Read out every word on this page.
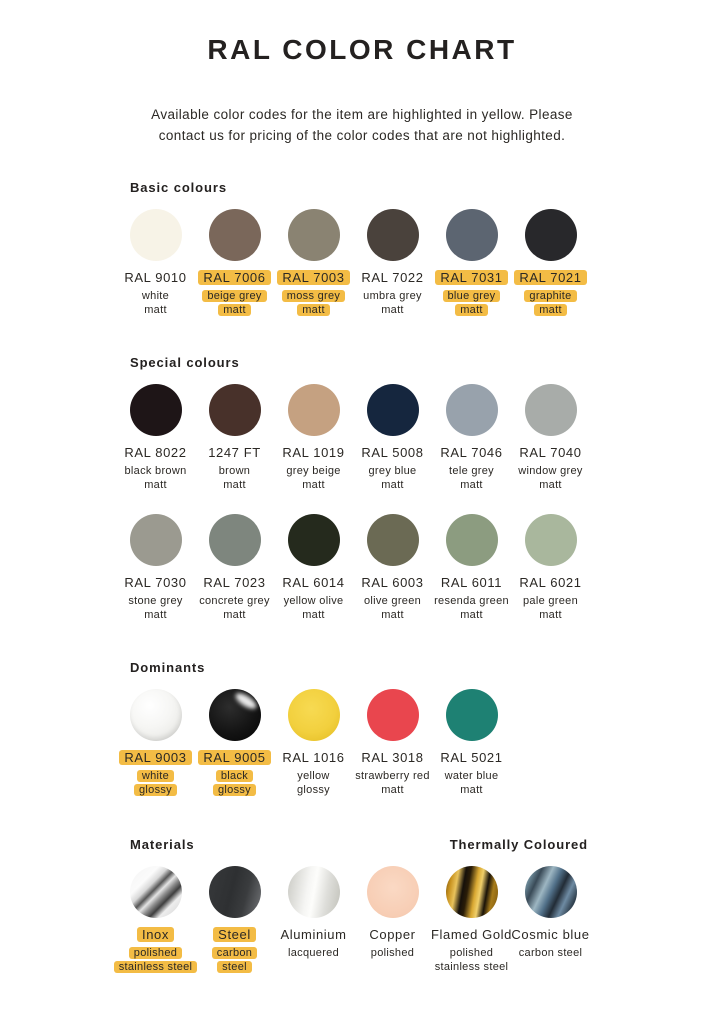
RAL COLOR CHART

Available color codes for the item are highlighted in yellow. Please
contact us for pricing of the color codes that are not highlighted.

Basic colours
RAL 9010
white
matt
RAL 7006
beige grey
matt
RAL 7003
moss grey
matt
RAL 7022
umbra grey
matt
RAL 7031
blue grey
matt
RAL 7021
graphite
matt
Special colours
RAL 8022
black brown
matt
1247 FT
brown
matt
RAL 1019
grey beige
matt
RAL 5008
grey blue
matt
RAL 7046
tele grey
matt
RAL 7040
window grey
matt
RAL 7030
stone grey
matt
RAL 7023
concrete grey
matt
RAL 6014
yellow olive
matt
RAL 6003
olive green
matt
RAL 6011
resenda green
matt
RAL 6021
pale green
matt
Dominants
RAL 9003
white
glossy
RAL 9005
black
glossy
RAL 1016
yellow
glossy
RAL 3018
strawberry red
matt
RAL 5021
water blue
matt
Materials	Thermally Coloured
Inox
polished
stainless steel
Steel
carbon
steel
Aluminium
lacquered
Copper
polished
Flamed Gold
polished
stainless steel
Cosmic blue
carbon steel
